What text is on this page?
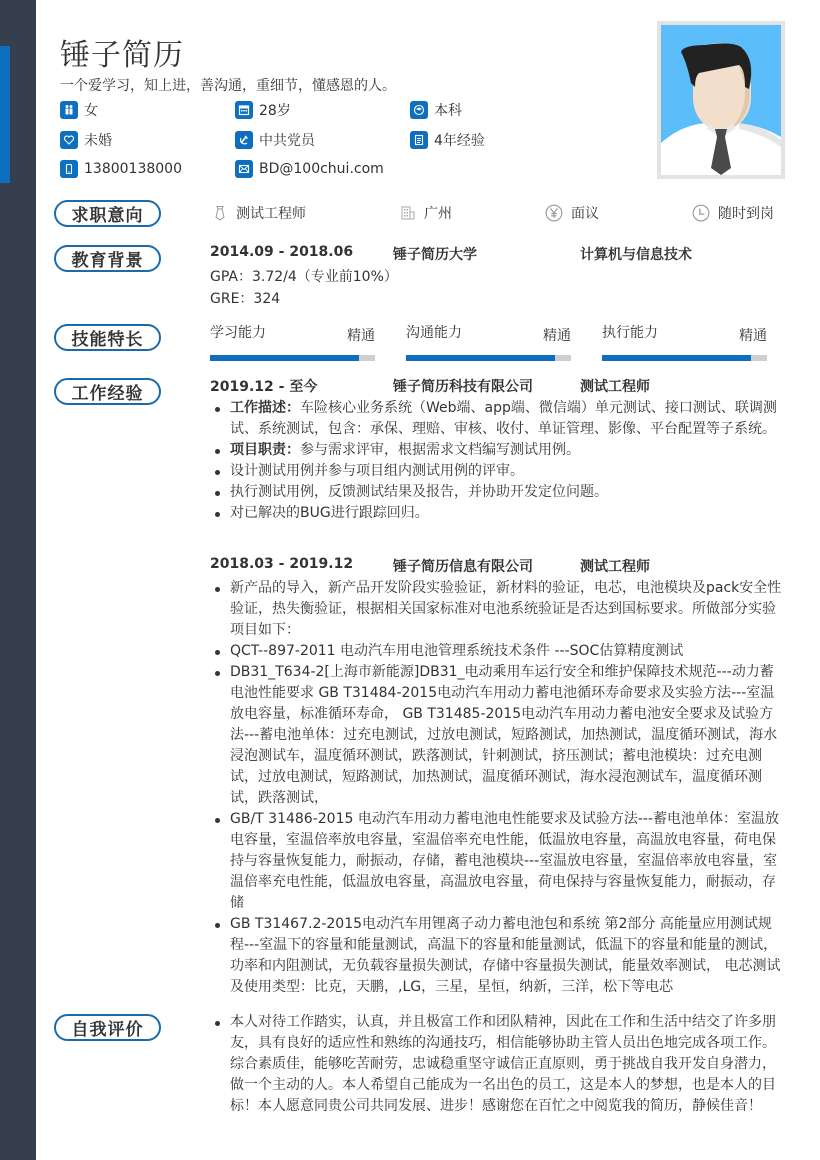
锤子简历
一个爱学习，知上进，善沟通，重细节，懂感恩的人。
女	28岁	本科
未婚	中共党员	4年经验
13800138000	BD@100chui.com
求职意向	测试工程师	广州	面议	随时到岗
教育背景	2014.09 - 2018.06	锤子简历大学	计算机与信息技术
GPA：3.72/4（专业前10%）
GRE：324
技能特长	学习能力	精通 沟通能力	精通 执行能力	精通
工作经验	2019.12 - 至今	锤子简历科技有限公司	测试工程师
工作描述：车险核心业务系统（Web端、app端、微信端）单元测试、接口测试、联调测试、系统测试，包含：承保、理赔、审核、收付、单证管理、影像、平台配置等子系统。
项目职责：参与需求评审，根据需求文档编写测试用例。
设计测试用例并参与项目组内测试用例的评审。
执行测试用例，反馈测试结果及报告，并协助开发定位问题。
对已解决的BUG进行跟踪回归。
2018.03 - 2019.12	锤子简历信息有限公司	测试工程师
新产品的导入，新产品开发阶段实验验证，新材料的验证，电芯，电池模块及pack安全性验证，热失衡验证，根据相关国家标准对电池系统验证是否达到国标要求。所做部分实验项目如下：
QCT--897-2011 电动汽车用电池管理系统技术条件 ---SOC估算精度测试
DB31_T634-2[上海市新能源]DB31_电动乘用车运行安全和维护保障技术规范---动力蓄电池性能要求 GB T31484-2015电动汽车用动力蓄电池循环寿命要求及实验方法---室温放电容量，标准循环寿命， GB T31485-2015电动汽车用动力蓄电池安全要求及试验方法---蓄电池单体：过充电测试，过放电测试，短路测试，加热测试，温度循环测试，海水浸泡测试车，温度循环测试，跌落测试，针刺测试，挤压测试；蓄电池模块：过充电测试，过放电测试，短路测试，加热测试，温度循环测试，海水浸泡测试车，温度循环测试，跌落测试，
GB/T 31486-2015 电动汽车用动力蓄电池电性能要求及试验方法---蓄电池单体：室温放电容量，室温倍率放电容量，室温倍率充电性能，低温放电容量，高温放电容量，荷电保持与容量恢复能力，耐振动，存储，蓄电池模块---室温放电容量，室温倍率放电容量，室温倍率充电性能，低温放电容量，高温放电容量，荷电保持与容量恢复能力，耐振动，存储
GB T31467.2-2015电动汽车用锂离子动力蓄电池包和系统 第2部分 高能量应用测试规程---室温下的容量和能量测试，高温下的容量和能量测试，低温下的容量和能量的测试，功率和内阻测试，无负载容量损失测试，存储中容量损失测试，能量效率测试， 电芯测试及使用类型：比克，天鹏，,LG，三星，星恒，纳新，三洋，松下等电芯
自我评价	本人对待工作踏实，认真，并且极富工作和团队精神，因此在工作和生活中结交了许多朋友，具有良好的适应性和熟练的沟通技巧，相信能够协助主管人员出色地完成各项工作。综合素质佳，能够吃苦耐劳，忠诚稳重坚守诚信正直原则，勇于挑战自我开发自身潜力，做一个主动的人。本人希望自己能成为一名出色的员工，这是本人的梦想，也是本人的目标！本人愿意同贵公司共同发展、进步！感谢您在百忙之中阅览我的简历，静候佳音！
